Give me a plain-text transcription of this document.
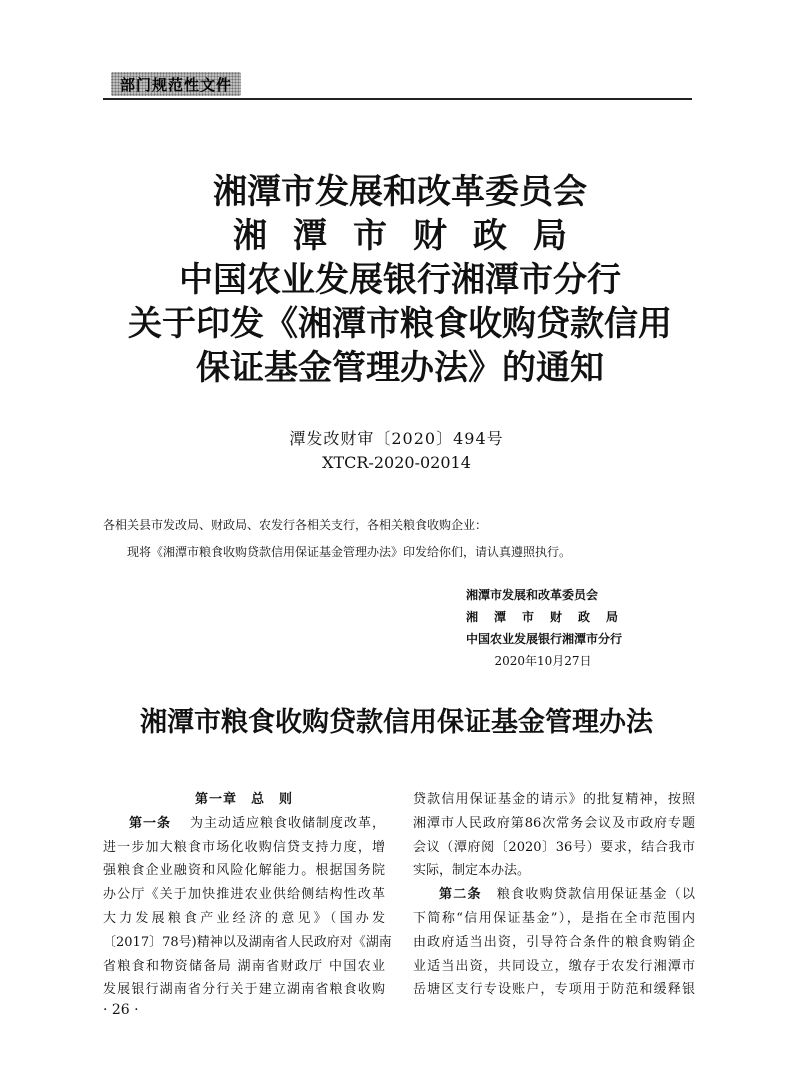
部门规范性文件

湘潭市发展和改革委员会

湘潭市财政局

中国农业发展银行湘潭市分行

关于印发《湘潭市粮食收购贷款信用

保证基金管理办法》的通知

潭发改财审〔2020〕494号
XTCR-2020-02014
各相关县市发改局、财政局、农发行各相关支行，各相关粮食收购企业：
现将《湘潭市粮食收购贷款信用保证基金管理办法》印发给你们，请认真遵照执行。
湘潭市发展和改革委员会
湘潭市财政局
中国农业发展银行湘潭市分行
2020年10月27日
湘潭市粮食收购贷款信用保证基金管理办法
第一章　总　则
第一条 为主动适应粮食收储制度改革，
进一步加大粮食市场化收购信贷支持力度，增
强粮食企业融资和风险化解能力。根据国务院
办公厅《关于加快推进农业供给侧结构性改革
大力发展粮食产业经济的意见》（国办发
〔2017〕78号)精神以及湖南省人民政府对《湖南
省粮食和物资储备局 湖南省财政厅 中国农业
发展银行湖南省分行关于建立湖南省粮食收购
贷款信用保证基金的请示》的批复精神，按照
湘潭市人民政府第86次常务会议及市政府专题
会议（潭府阅〔2020〕36号）要求，结合我市
实际，制定本办法。
第二条 粮食收购贷款信用保证基金（以
下简称“信用保证基金”），是指在全市范围内
由政府适当出资，引导符合条件的粮食购销企
业适当出资，共同设立，缴存于农发行湘潭市
岳塘区支行专设账户，专项用于防范和缓释银
· 26 ·
